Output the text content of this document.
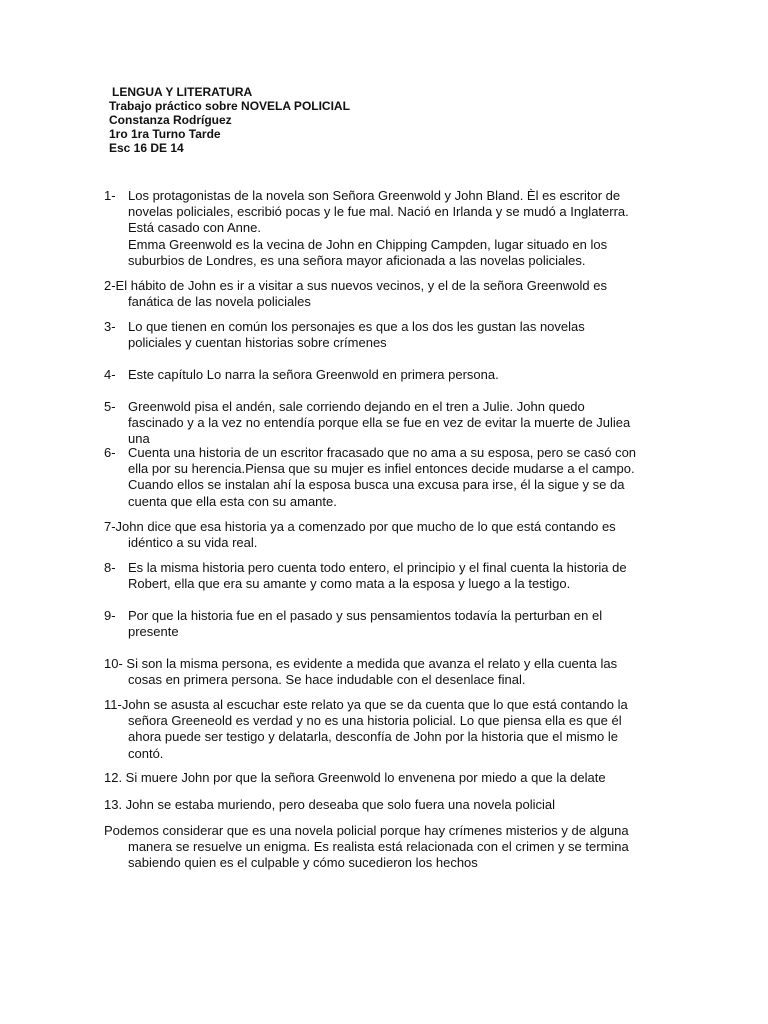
LENGUA Y LITERATURA
Trabajo práctico sobre NOVELA POLICIAL
Constanza Rodríguez
1ro 1ra Turno Tarde
Esc 16 DE 14
1- Los protagonistas de la novela son Señora Greenwold y John Bland. Èl es escritor de
novelas policiales, escribió pocas y le fue mal. Nació en Irlanda y se mudó a Inglaterra.
Está casado con Anne.
Emma Greenwold es la vecina de John en Chipping Campden, lugar situado en los
suburbios de Londres, es una señora mayor aficionada a las novelas policiales.
2-El hábito de John es ir a visitar a sus nuevos vecinos, y el de la señora Greenwold es
fanática de las novela policiales
3- Lo que tienen en común los personajes es que a los dos les gustan las novelas
policiales y cuentan historias sobre crímenes
4- Este capítulo Lo narra la señora Greenwold en primera persona.
5- Greenwold pisa el andén, sale corriendo dejando en el tren a Julie. John quedo
fascinado y a la vez no entendía porque ella se fue en vez de evitar la muerte de Juliea
una
6- Cuenta una historia de un escritor fracasado que no ama a su esposa, pero se casó con
ella por su herencia.Piensa que su mujer es infiel entonces decide mudarse a el campo.
Cuando ellos se instalan ahí la esposa busca una excusa para irse, él la sigue y se da
cuenta que ella esta con su amante.
7-John dice que esa historia ya a comenzado por que mucho de lo que está contando es
idéntico a su vida real.
8- Es la misma historia pero cuenta todo entero, el principio y el final cuenta la historia de
Robert, ella que era su amante y como mata a la esposa y luego a la testigo.
9- Por que la historia fue en el pasado y sus pensamientos todavía la perturban en el
presente
10- Si son la misma persona, es evidente a medida que avanza el relato y ella cuenta las
cosas en primera persona. Se hace indudable con el desenlace final.
11-John se asusta al escuchar este relato ya que se da cuenta que lo que está contando la
señora Greeneold es verdad y no es una historia policial. Lo que piensa ella es que él
ahora puede ser testigo y delatarla, desconfía de John por la historia que el mismo le
contó.
12. Si muere John por que la señora Greenwold lo envenena por miedo a que la delate
13. John se estaba muriendo, pero deseaba que solo fuera una novela policial
Podemos considerar que es una novela policial porque hay crímenes misterios y de alguna
manera se resuelve un enigma. Es realista está relacionada con el crimen y se termina
sabiendo quien es el culpable y cómo sucedieron los hechos
